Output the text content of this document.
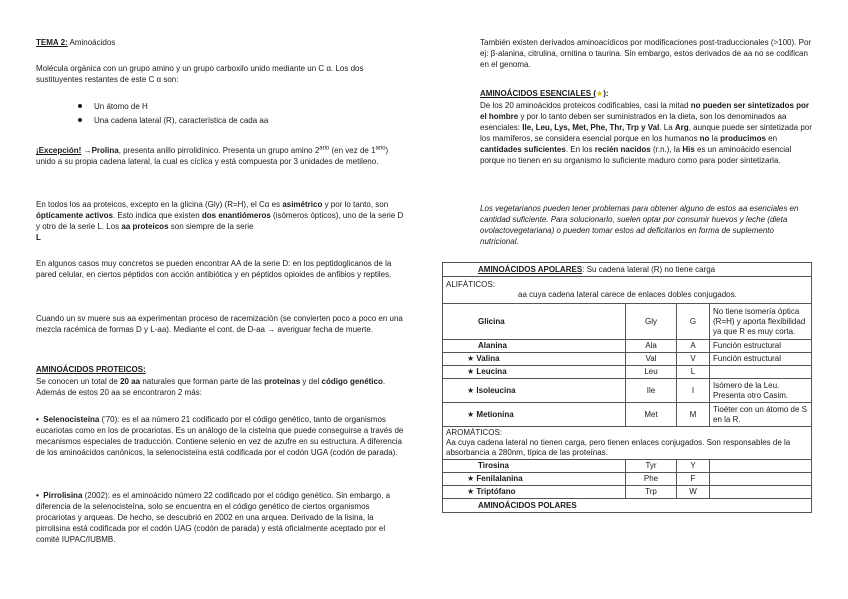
TEMA 2: Aminoácidos

Molécula orgánica con un grupo amino y un grupo carboxilo unido mediante un C α. Los dos sustituyentes restantes de este C α son:

Un átomo de H

Una cadena lateral (R), característica de cada aa

¡Excepción! →Prolina, presenta anillo pirrolidínico. Presenta un grupo amino $2^{ario}$ (en vez de $1^{ario}$) unido a su propia cadena lateral, la cual es cíclica y está compuesta por 3 unidades de metileno.

En todos los aa proteicos, excepto en la glicina (Gly) (R=H), el Cα es asimétrico y por lo tanto, son ópticamente activos. Esto indica que existen dos enantiómeros (isómeros ópticos), uno de la serie D y otro de la serie L. Los aa proteicos son siempre de la serie
L

En algunos casos muy concretos se pueden encontrar AA de la serie D: en los peptidoglicanos de la pared celular, en ciertos péptidos con acción antibiótica y en péptidos opioides de anfibios y reptiles.

Cuando un sv muere sus aa experimentan proceso de racemización (se convierten poco a poco en una mezcla racémica de formas D y L-aa). Mediante el cont. de D-aa → averiguar fecha de muerte.

AMINOÁCIDOS PROTEICOS:

Se conocen un total de 20 aa naturales que forman parte de las proteínas y del código genético. Además de estos 20 aa se encontraron 2 más:

• Selenocisteína ('70): es el aa número 21 codificado por el código genético, tanto de organismos eucariotas como en los de procariotas. Es un análogo de la cisteína que puede conseguirse a través de mecanismos especiales de traducción. Contiene selenio en vez de azufre en su estructura. A diferencia de los aminoácidos canónicos, la selenocisteína está codificada por el codón UGA (codón de parada).

• Pirrolisina (2002): es el aminoácido número 22 codificado por el código genético. Sin embargo, a diferencia de la selenocisteína, solo se encuentra en el código genético de ciertos organismos procariotas y arqueas. De hecho, se descubrió en 2002 en una arquea. Derivado de la lisina, la pirrolisina está codificada por el codón UAG (codón de parada) y está oficialmente aceptado por el comité IUPAC/IUBMB.

También existen derivados aminoacídicos por modificaciones post-traduccionales (>100). Por ej: β-alanina, citrulina, ornitina o taurina. Sin embargo, estos derivados de aa no se codifican en el genoma.

AMINOÁCIDOS ESENCIALES (★):

De los 20 aminoácidos proteicos codificables, casi la mitad no pueden ser sintetizados por el hombre y por lo tanto deben ser suministrados en la dieta, son los denominados aa esenciales: Ile, Leu, Lys, Met, Phe, Thr, Trp y Val. La Arg, aunque puede ser sintetizada por los mamíferos, se considera esencial porque en los humanos no la producimos en cantidades suficientes. En los recién nacidos (r.n.), la His es un aminoácido esencial porque no tienen en su organismo lo suficiente maduro como para poder sintetizarla.

Los vegetarianos pueden tener problemas para obtener alguno de estos aa esenciales en cantidad suficiente. Para solucionarlo, suelen optar por consumir huevos y leche (dieta ovolactovegetariana) o pueden tomar estos ad deficitarios en forma de suplemento nutricional.

AMINOÁCIDOS APOLARES: Su cadena lateral (R) no tiene carga			
ALIFÁTICOS:
aa cuya cadena lateral carece de enlaces dobles conjugados.			
Glicina	Gly	G	No tiene isomería óptica (R=H) y aporta flexibilidad ya que R es muy corta.
Alanina	Ala	A	Función estructural
★ Valina	Val	V	Función estructural
★ Leucina	Leu	L	
★ Isoleucina	Ile	I	Isómero de la Leu. Presenta otro Casim.
★ Metionina	Met	M	Tioéter con un átomo de S en la R.
AROMÁTICOS:
Aa cuya cadena lateral no tienen carga, pero tienen enlaces conjugados. Son responsables de la absorbancia a 280nm, típica de las proteínas.			
Tirosina	Tyr	Y	
★ Fenilalanina	Phe	F	
★ Triptófano	Trp	W	
AMINOÁCIDOS POLARES			
